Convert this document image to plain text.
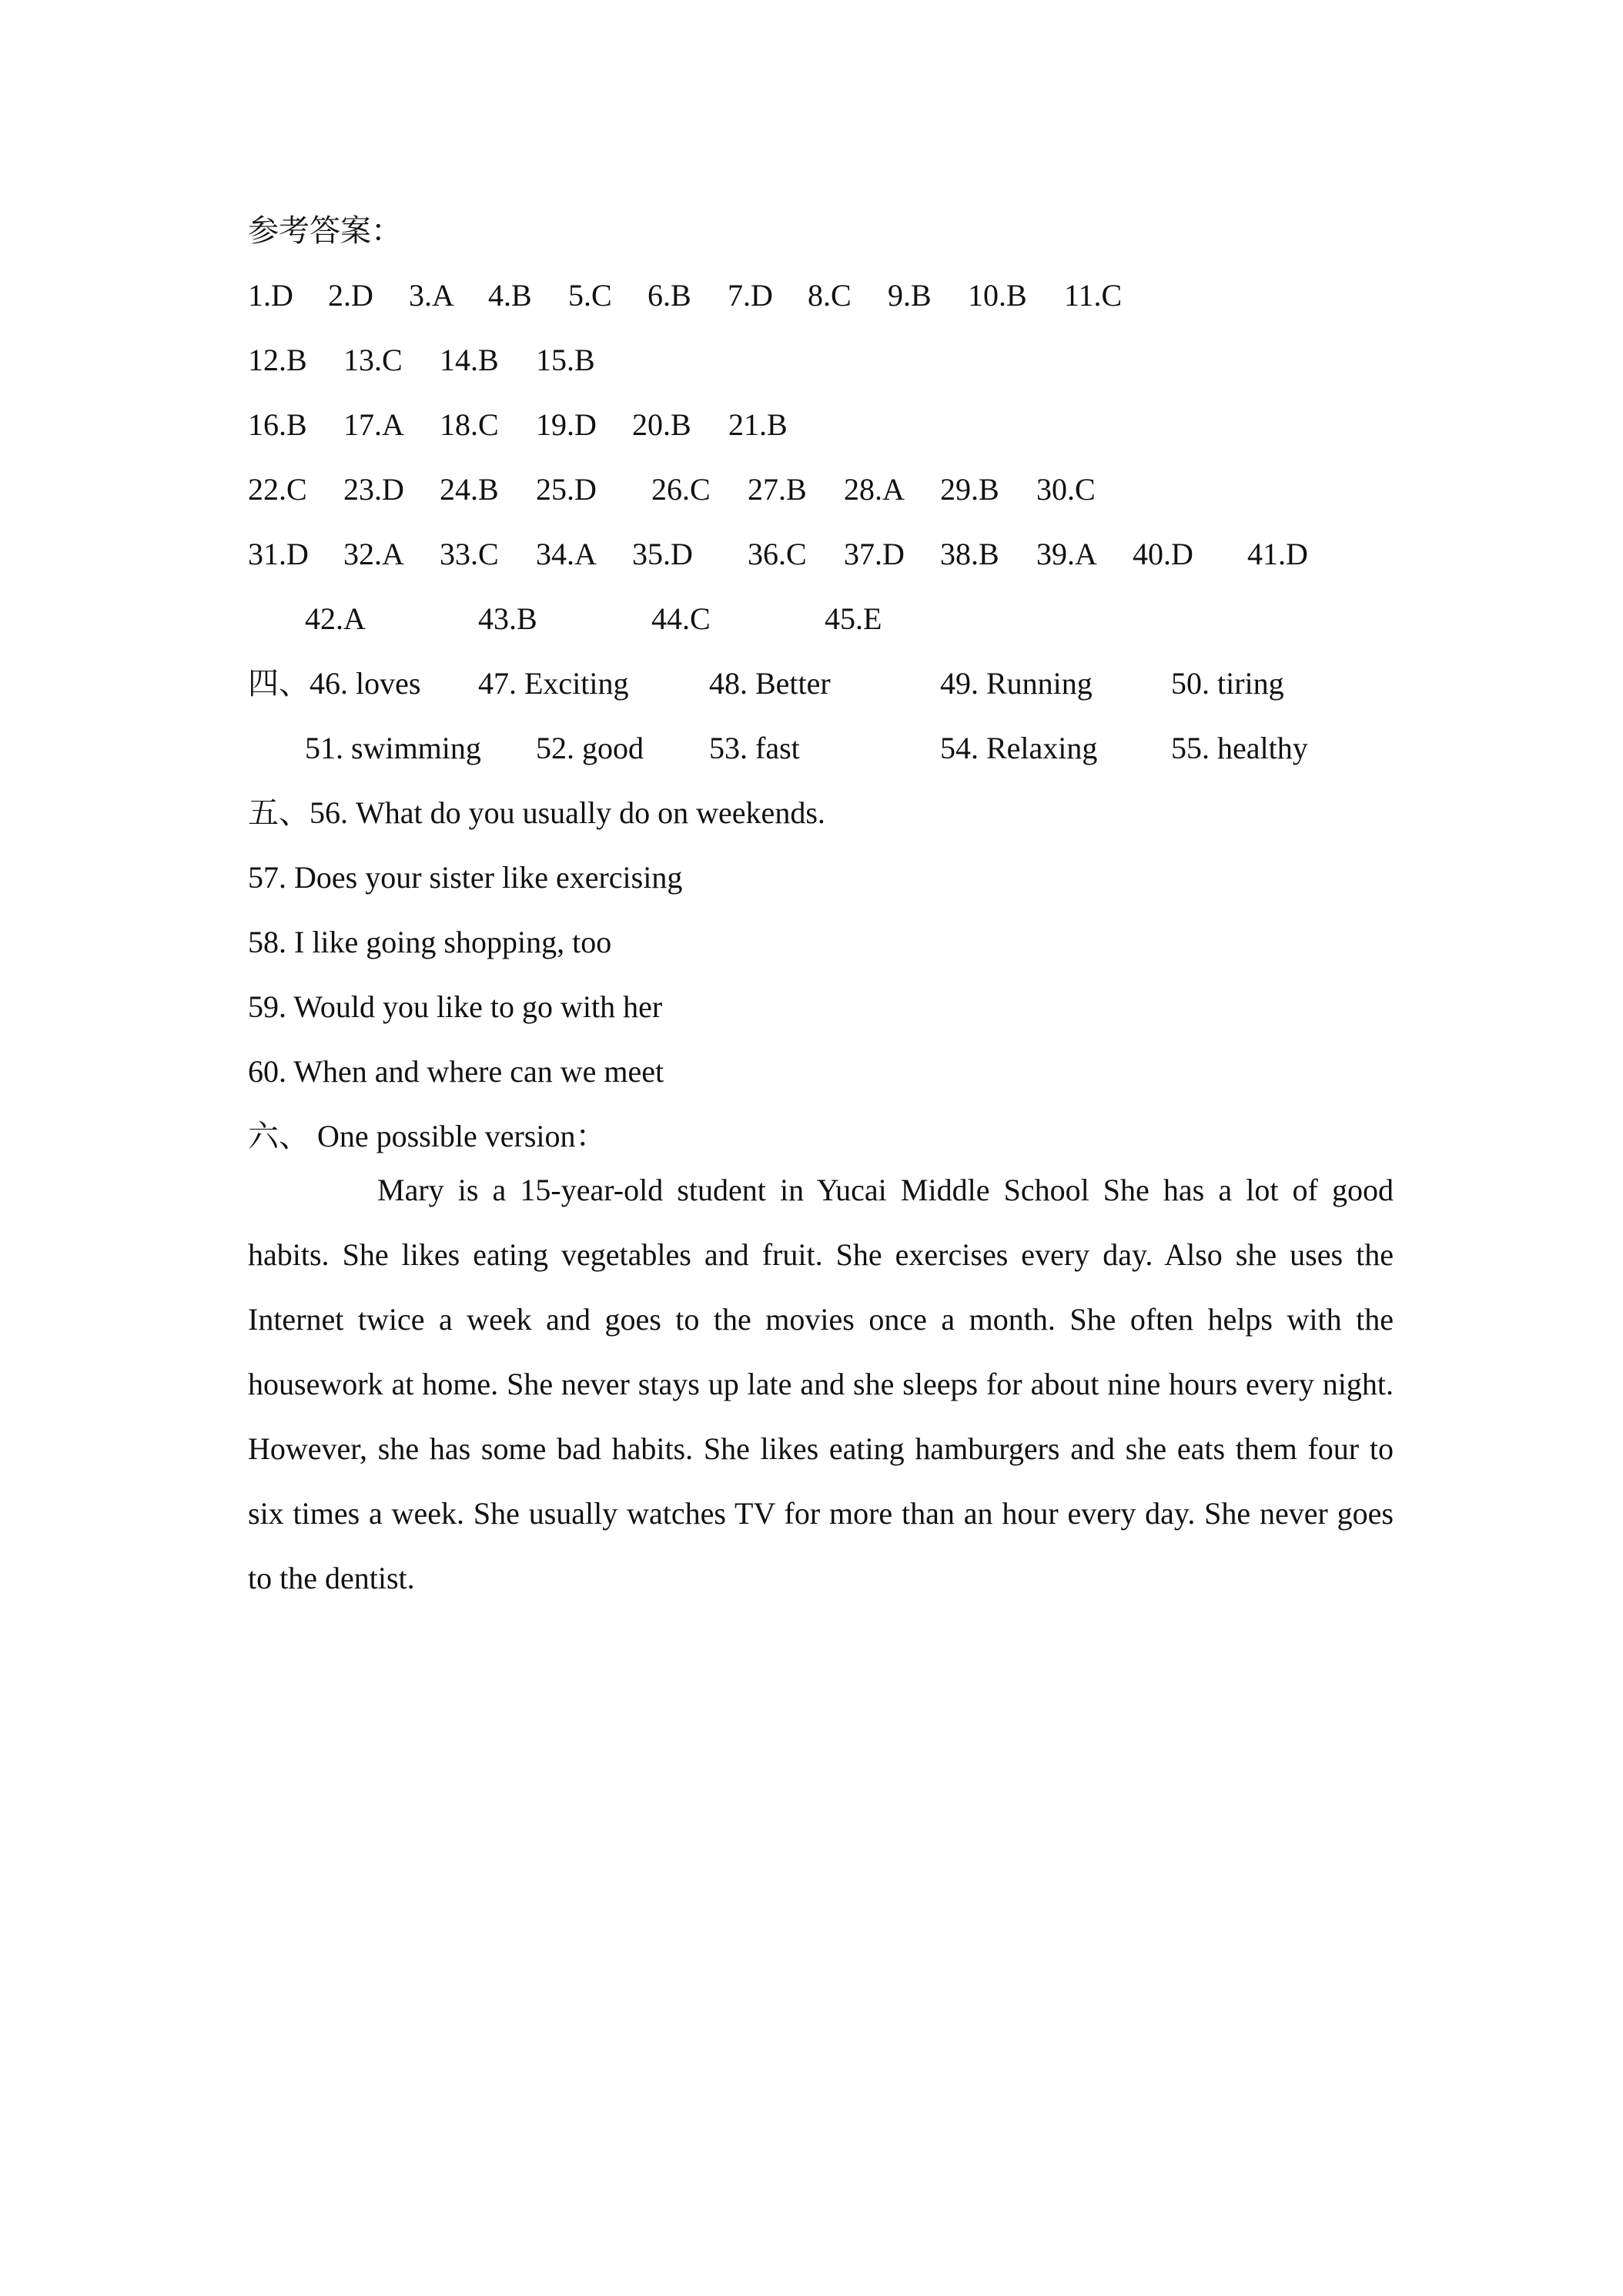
参考答案：
1.D 2.D 3.A 4.B 5.C 6.B 7.D 8.C 9.B 10.B 11.C
12.B 13.C 14.B 15.B
16.B 17.A 18.C 19.D 20.B 21.B
22.C 23.D 24.B 25.D 26.C 27.B 28.A 29.B 30.C
31.D 32.A 33.C 34.A 35.D 36.C 37.D 38.B 39.A 40.D 41.D
42.A	43.B	44.C	45.E
四、46. loves 47. Exciting	48. Better	49. Running	50. tiring
51. swimming 52. good 53. fast	54. Relaxing 55. healthy
五、56. What do you usually do on weekends.
57. Does your sister like exercising
58. I like going shopping, too
59. Would you like to go with her
60. When and where can we meet
六、 One possible version：
Mary is a 15-year-old student in Yucai Middle School She has a lot of good habits. She likes eating vegetables and fruit. She exercises every day. Also she uses the Internet twice a week and goes to the movies once a month. She often helps with the housework at home. She never stays up late and she sleeps for about nine hours every night. However, she has some bad habits. She likes eating hamburgers and she eats them four to six times a week. She usually watches TV for more than an hour every day. She never goes to the dentist.
